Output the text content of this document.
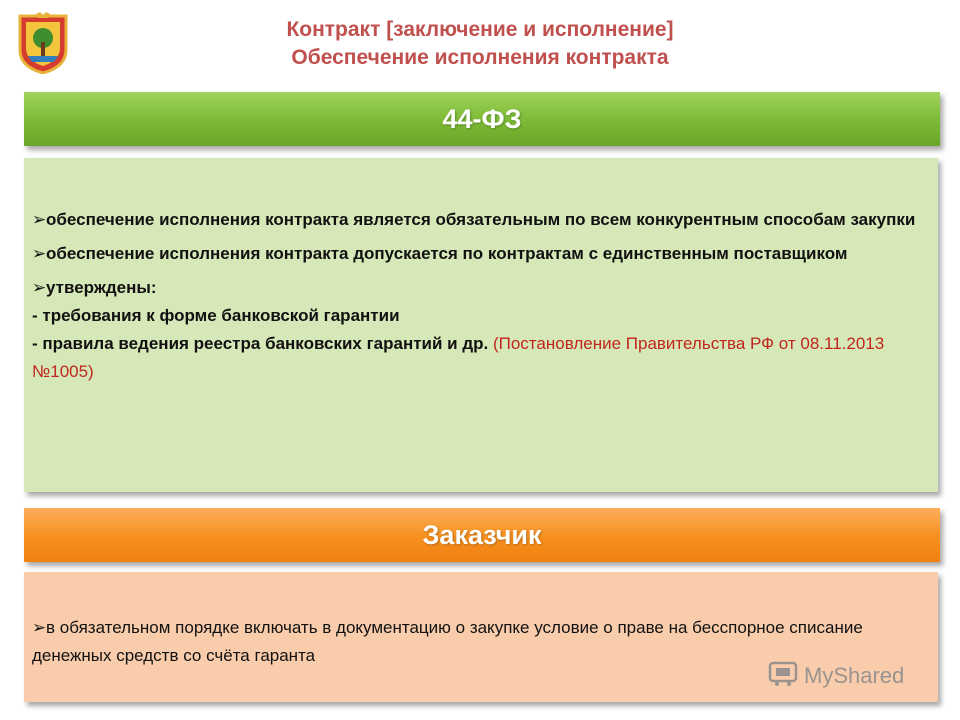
Контракт [заключение и исполнение]
Обеспечение исполнения контракта
44-ФЗ
➢обеспечение исполнения контракта является обязательным по всем конкурентным способам закупки
➢обеспечение исполнения контракта допускается по контрактам с единственным поставщиком
➢утверждены:
- требования к форме банковской гарантии
- правила ведения реестра банковских гарантий и др. (Постановление Правительства РФ от 08.11.2013 №1005)
Заказчик
➢в обязательном порядке включать в документацию о закупке условие о праве на бесспорное списание денежных средств со счёта гаранта
MyShared
